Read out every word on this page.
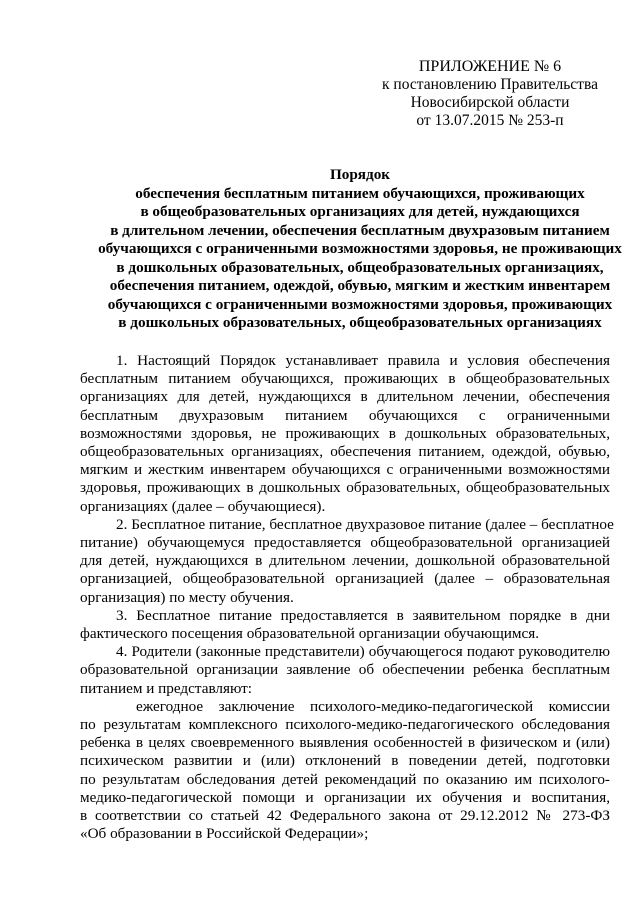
ПРИЛОЖЕНИЕ № 6
к постановлению Правительства
Новосибирской области
от 13.07.2015 № 253-п
Порядок
обеспечения бесплатным питанием обучающихся, проживающих
в общеобразовательных организациях для детей, нуждающихся
в длительном лечении, обеспечения бесплатным двухразовым питанием
обучающихся с ограниченными возможностями здоровья, не проживающих
в дошкольных образовательных, общеобразовательных организациях,
обеспечения питанием, одеждой, обувью, мягким и жестким инвентарем
обучающихся с ограниченными возможностями здоровья, проживающих
в дошкольных образовательных, общеобразовательных организациях
1. Настоящий Порядок устанавливает правила и условия обеспечения
бесплатным питанием обучающихся, проживающих в общеобразовательных
организациях для детей, нуждающихся в длительном лечении, обеспечения
бесплатным двухразовым питанием обучающихся с ограниченными
возможностями здоровья, не проживающих в дошкольных образовательных,
общеобразовательных организациях, обеспечения питанием, одеждой, обувью,
мягким и жестким инвентарем обучающихся с ограниченными возможностями
здоровья, проживающих в дошкольных образовательных, общеобразовательных
организациях (далее – обучающиеся).
2. Бесплатное питание, бесплатное двухразовое питание (далее – бесплатное
питание) обучающемуся предоставляется общеобразовательной организацией
для детей, нуждающихся в длительном лечении, дошкольной образовательной
организацией, общеобразовательной организацией (далее – образовательная
организация) по месту обучения.
3. Бесплатное питание предоставляется в заявительном порядке в дни
фактического посещения образовательной организации обучающимся.
4. Родители (законные представители) обучающегося подают руководителю
образовательной организации заявление об обеспечении ребенка бесплатным
питанием и представляют:
ежегодное заключение психолого-медико-педагогической комиссии
по результатам комплексного психолого-медико-педагогического обследования
ребенка в целях своевременного выявления особенностей в физическом и (или)
психическом развитии и (или) отклонений в поведении детей, подготовки
по результатам обследования детей рекомендаций по оказанию им психолого-
медико-педагогической помощи и организации их обучения и воспитания,
в соответствии со статьей 42 Федерального закона от 29.12.2012 № 273-ФЗ
«Об образовании в Российской Федерации»;
